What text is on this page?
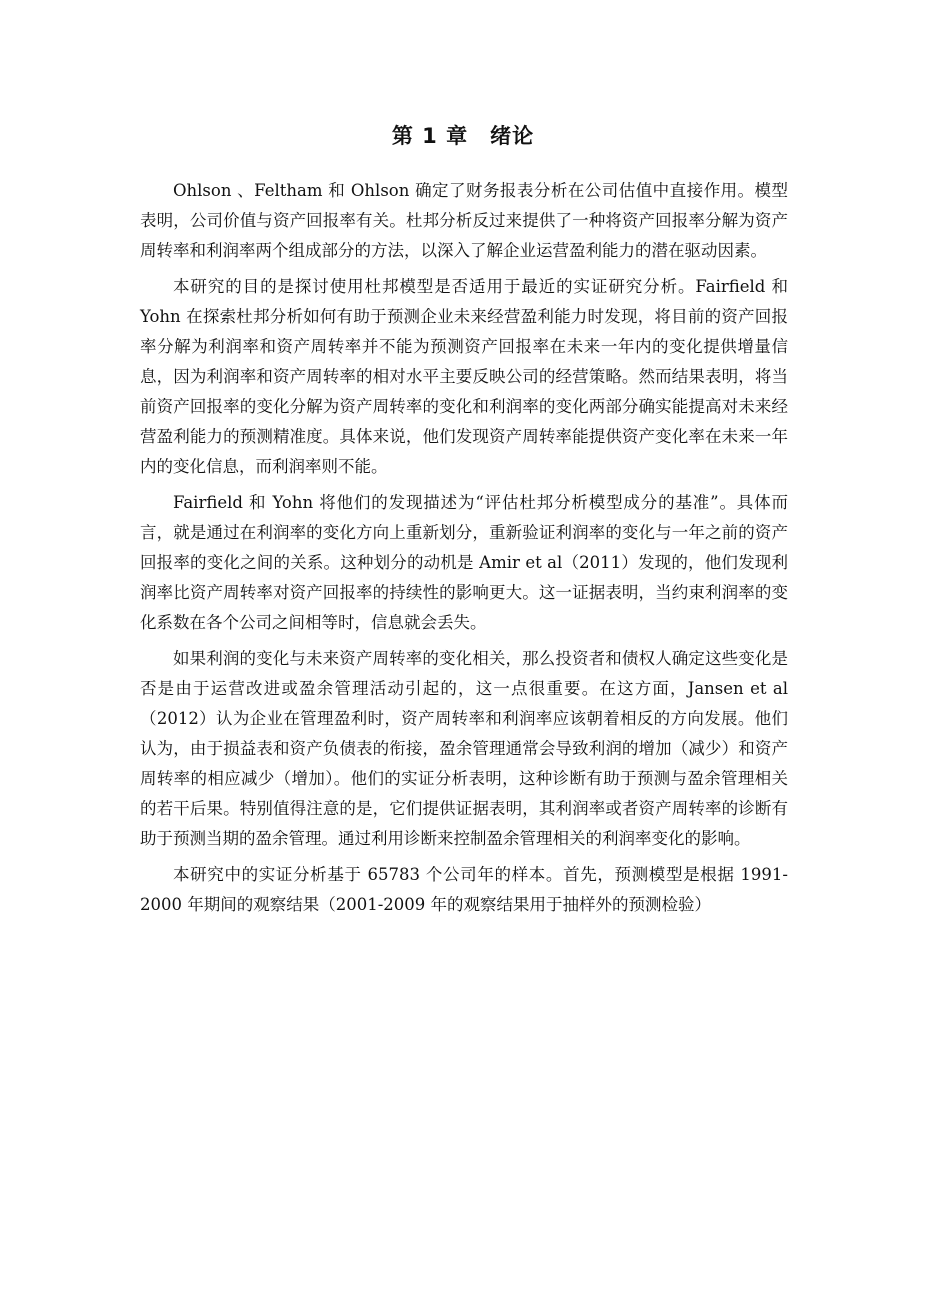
第 1 章 绪论

Ohlson 、Feltham 和 Ohlson 确定了财务报表分析在公司估值中直接作用。模型表明，公司价值与资产回报率有关。杜邦分析反过来提供了一种将资产回报率分解为资产周转率和利润率两个组成部分的方法，以深入了解企业运营盈利能力的潜在驱动因素。

本研究的目的是探讨使用杜邦模型是否适用于最近的实证研究分析。Fairfield 和 Yohn 在探索杜邦分析如何有助于预测企业未来经营盈利能力时发现，将目前的资产回报率分解为利润率和资产周转率并不能为预测资产回报率在未来一年内的变化提供增量信息，因为利润率和资产周转率的相对水平主要反映公司的经营策略。然而结果表明，将当前资产回报率的变化分解为资产周转率的变化和利润率的变化两部分确实能提高对未来经营盈利能力的预测精准度。具体来说，他们发现资产周转率能提供资产变化率在未来一年内的变化信息，而利润率则不能。

Fairfield 和 Yohn 将他们的发现描述为“评估杜邦分析模型成分的基准”。具体而言，就是通过在利润率的变化方向上重新划分，重新验证利润率的变化与一年之前的资产回报率的变化之间的关系。这种划分的动机是 Amir et al（2011）发现的，他们发现利润率比资产周转率对资产回报率的持续性的影响更大。这一证据表明，当约束利润率的变化系数在各个公司之间相等时，信息就会丢失。

如果利润的变化与未来资产周转率的变化相关，那么投资者和债权人确定这些变化是否是由于运营改进或盈余管理活动引起的，这一点很重要。在这方面，Jansen et al（2012）认为企业在管理盈利时，资产周转率和利润率应该朝着相反的方向发展。他们认为，由于损益表和资产负债表的衔接，盈余管理通常会导致利润的增加（减少）和资产周转率的相应减少（增加）。他们的实证分析表明，这种诊断有助于预测与盈余管理相关的若干后果。特别值得注意的是，它们提供证据表明，其利润率或者资产周转率的诊断有助于预测当期的盈余管理。通过利用诊断来控制盈余管理相关的利润率变化的影响。

本研究中的实证分析基于 65783 个公司年的样本。首先，预测模型是根据 1991-2000 年期间的观察结果（2001-2009 年的观察结果用于抽样外的预测检验）
